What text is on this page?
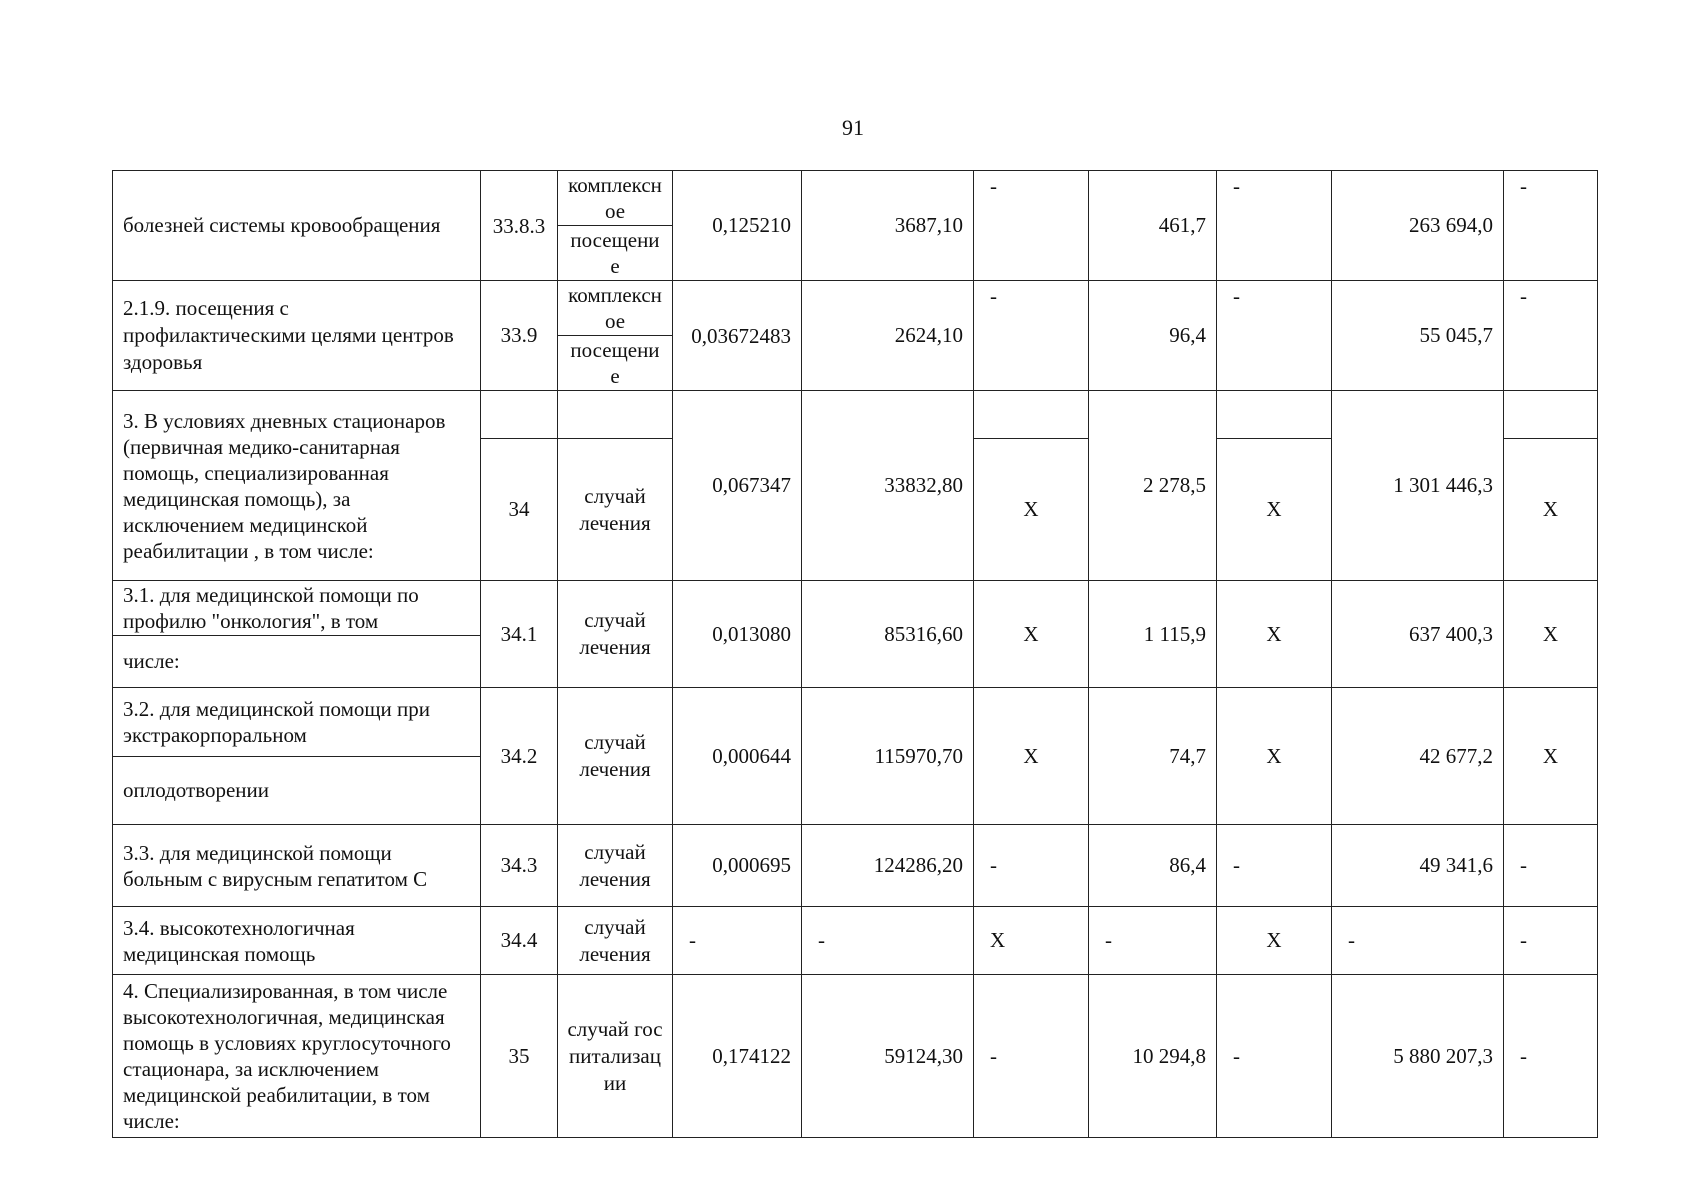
91
болезней системы кровообращения	33.8.3	комплексное	0,125210	3687,10	-	461,7	-	263 694,0	-
		посещение							
2.1.9. посещения с профилактическими целями центров здоровья	33.9	комплексное	0,03672483	2624,10	-	96,4	-	55 045,7	-
		посещение							
3. В условиях дневных стационаров (первичная медико-санитарная помощь, специализированная медицинская помощь), за исключением медицинской реабилитации , в том числе:			0,067347	33832,80		2 278,5		1 301 446,3	
	34	случай лечения			X		X		X
3.1. для медицинской помощи по профилю "онкология", в том	34.1	случай лечения	0,013080	85316,60	X	1 115,9	X	637 400,3	X
числе:									
3.2. для медицинской помощи при экстракорпоральном	34.2	случай лечения	0,000644	115970,70	X	74,7	X	42 677,2	X
оплодотворении									
3.3. для медицинской помощи больным с вирусным гепатитом С	34.3	случай лечения	0,000695	124286,20	-	86,4	-	49 341,6	-
3.4. высокотехнологичная медицинская помощь	34.4	случай лечения	-	-	X	-	X	-	-
4. Специализированная, в том числе высокотехнологичная, медицинская помощь в условиях круглосуточного стационара, за исключением медицинской реабилитации, в том числе:	35	случай госпитализации	0,174122	59124,30	-	10 294,8	-	5 880 207,3	-
